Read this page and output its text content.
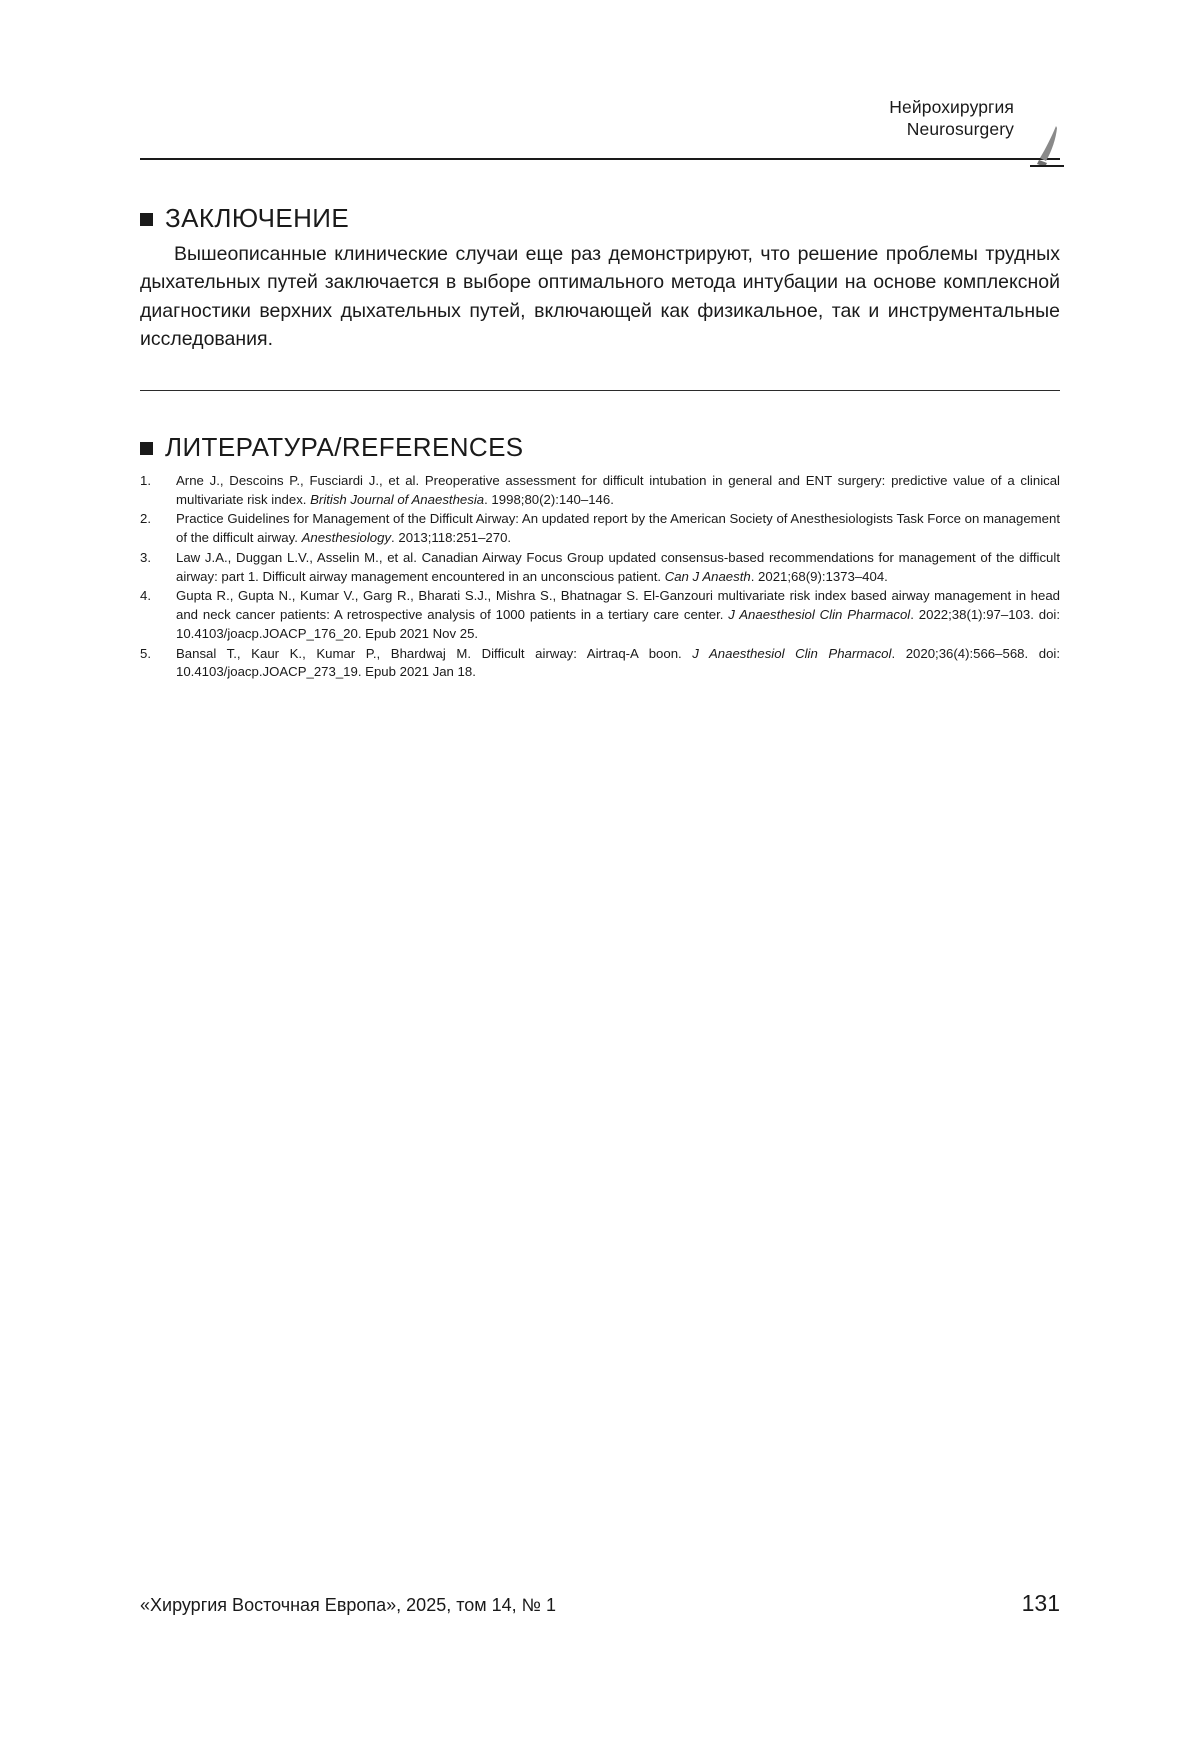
Нейрохирургия
Neurosurgery
ЗАКЛЮЧЕНИЕ

Вышеописанные клинические случаи еще раз демонстрируют, что решение проблемы трудных дыхательных путей заключается в выборе оптимального метода интубации на основе комплексной диагностики верхних дыхательных путей, включающей как физикальное, так и инструментальные исследования.

ЛИТЕРАТУРА/REFERENCES
1.	Arne J., Descoins P., Fusciardi J., et al. Preoperative assessment for difficult intubation in general and ENT surgery: predictive value of a clinical multivariate risk index. British Journal of Anaesthesia. 1998;80(2):140–146.
2.	Practice Guidelines for Management of the Difficult Airway: An updated report by the American Society of Anesthesiologists Task Force on management of the difficult airway. Anesthesiology. 2013;118:251–270.
3.	Law J.A., Duggan L.V., Asselin M., et al. Canadian Airway Focus Group updated consensus-based recommendations for management of the difficult airway: part 1. Difficult airway management encountered in an unconscious patient. Can J Anaesth. 2021;68(9):1373–404.
4.	Gupta R., Gupta N., Kumar V., Garg R., Bharati S.J., Mishra S., Bhatnagar S. El-Ganzouri multivariate risk index based airway management in head and neck cancer patients: A retrospective analysis of 1000 patients in a tertiary care center. J Anaesthesiol Clin Pharmacol. 2022;38(1):97–103. doi: 10.4103/joacp.JOACP_176_20. Epub 2021 Nov 25.
5.	Bansal T., Kaur K., Kumar P., Bhardwaj M. Difficult airway: Airtraq-A boon. J Anaesthesiol Clin Pharmacol. 2020;36(4):566–568. doi: 10.4103/joacp.JOACP_273_19. Epub 2021 Jan 18.
«Хирургия Восточная Европа», 2025, том 14, № 1	131
